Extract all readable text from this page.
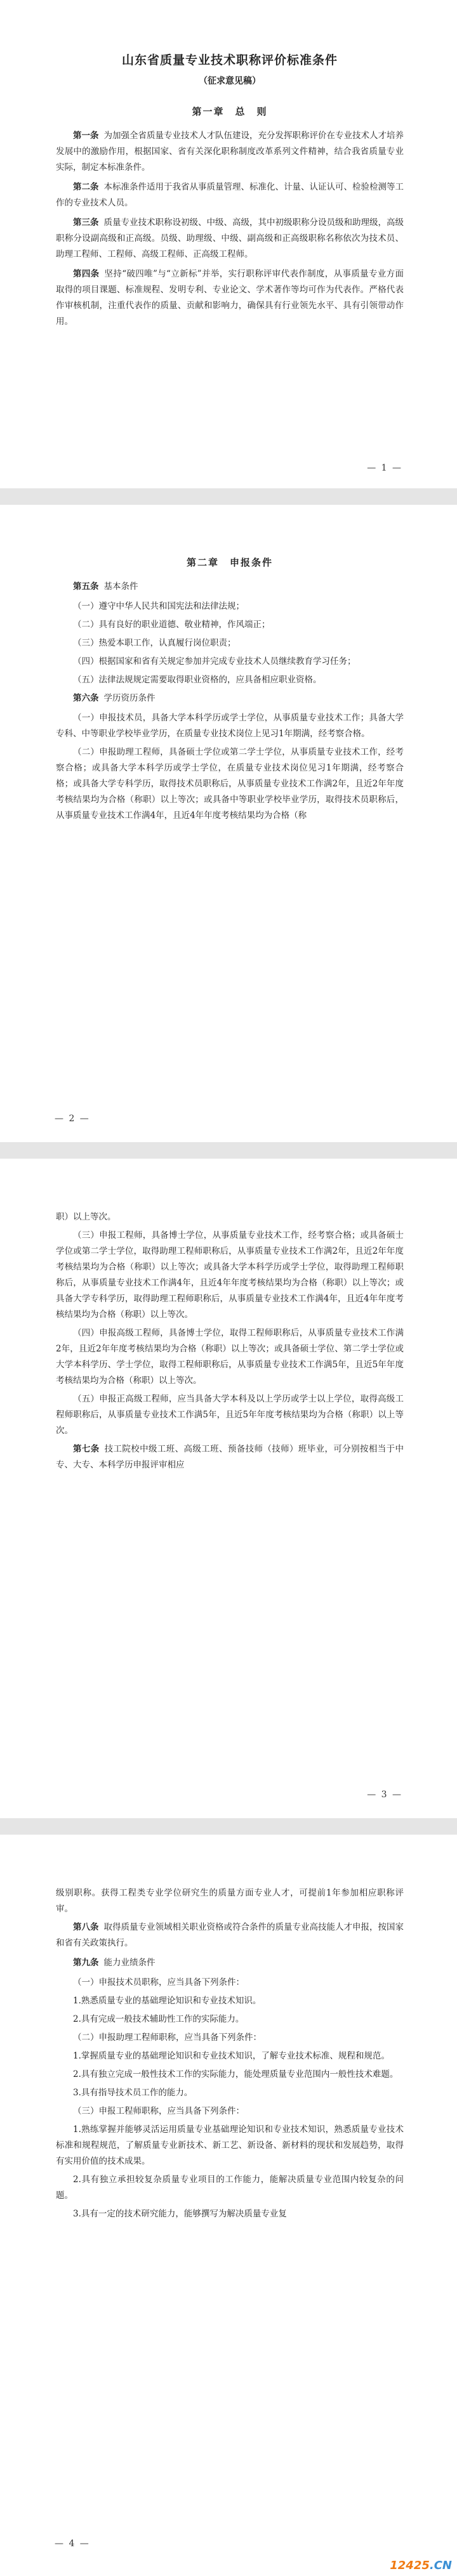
山东省质量专业技术职称评价标准条件
（征求意见稿）
第一章　总　则

第一条 为加强全省质量专业技术人才队伍建设，充分发挥职称评价在专业技术人才培养发展中的激励作用，根据国家、省有关深化职称制度改革系列文件精神，结合我省质量专业实际，制定本标准条件。

第二条 本标准条件适用于我省从事质量管理、标准化、计量、认证认可、检验检测等工作的专业技术人员。

第三条 质量专业技术职称设初级、中级、高级，其中初级职称分设员级和助理级，高级职称分设副高级和正高级。员级、助理级、中级、副高级和正高级职称名称依次为技术员、助理工程师、工程师、高级工程师、正高级工程师。

第四条 坚持“破四唯”与“立新标”并举，实行职称评审代表作制度，从事质量专业方面取得的项目课题、标准规程、发明专利、专业论文、学术著作等均可作为代表作。严格代表作审核机制，注重代表作的质量、贡献和影响力，确保具有行业领先水平、具有引领带动作用。

— 1 —
第二章　申报条件

第五条 基本条件

（一）遵守中华人民共和国宪法和法律法规；

（二）具有良好的职业道德、敬业精神，作风端正；

（三）热爱本职工作，认真履行岗位职责；

（四）根据国家和省有关规定参加并完成专业技术人员继续教育学习任务；

（五）法律法规规定需要取得职业资格的，应具备相应职业资格。

第六条 学历资历条件

（一）申报技术员，具备大学本科学历或学士学位，从事质量专业技术工作；具备大学专科、中等职业学校毕业学历，在质量专业技术岗位上见习1年期满，经考察合格。

（二）申报助理工程师，具备硕士学位或第二学士学位，从事质量专业技术工作，经考察合格；或具备大学本科学历或学士学位，在质量专业技术岗位见习1年期满，经考察合格；或具备大学专科学历，取得技术员职称后，从事质量专业技术工作满2年，且近2年年度考核结果均为合格（称职）以上等次；或具备中等职业学校毕业学历，取得技术员职称后，从事质量专业技术工作满4年，且近4年年度考核结果均为合格（称

— 2 —

职）以上等次。

（三）申报工程师，具备博士学位，从事质量专业技术工作，经考察合格；或具备硕士学位或第二学士学位，取得助理工程师职称后，从事质量专业技术工作满2年，且近2年年度考核结果均为合格（称职）以上等次；或具备大学本科学历或学士学位，取得助理工程师职称后，从事质量专业技术工作满4年，且近4年年度考核结果均为合格（称职）以上等次；或具备大学专科学历，取得助理工程师职称后，从事质量专业技术工作满4年，且近4年年度考核结果均为合格（称职）以上等次。

（四）申报高级工程师，具备博士学位，取得工程师职称后，从事质量专业技术工作满2年，且近2年年度考核结果均为合格（称职）以上等次；或具备硕士学位、第二学士学位或大学本科学历、学士学位，取得工程师职称后，从事质量专业技术工作满5年，且近5年年度考核结果均为合格（称职）以上等次。

（五）申报正高级工程师，应当具备大学本科及以上学历或学士以上学位，取得高级工程师职称后，从事质量专业技术工作满5年，且近5年年度考核结果均为合格（称职）以上等次。

第七条 技工院校中级工班、高级工班、预备技师（技师）班毕业，可分别按相当于中专、大专、本科学历申报评审相应

— 3 —

级别职称。获得工程类专业学位研究生的质量方面专业人才，可提前1年参加相应职称评审。

第八条 取得质量专业领域相关职业资格或符合条件的质量专业高技能人才申报，按国家和省有关政策执行。

第九条 能力业绩条件

（一）申报技术员职称，应当具备下列条件：

1.熟悉质量专业的基础理论知识和专业技术知识。

2.具有完成一般技术辅助性工作的实际能力。

（二）申报助理工程师职称，应当具备下列条件：

1.掌握质量专业的基础理论知识和专业技术知识，了解专业技术标准、规程和规范。

2.具有独立完成一般性技术工作的实际能力，能处理质量专业范围内一般性技术难题。

3.具有指导技术员工作的能力。

（三）申报工程师职称，应当具备下列条件：

1.熟练掌握并能够灵活运用质量专业基础理论知识和专业技术知识，熟悉质量专业技术标准和规程规范，了解质量专业新技术、新工艺、新设备、新材料的现状和发展趋势，取得有实用价值的技术成果。

2.具有独立承担较复杂质量专业项目的工作能力，能解决质量专业范围内较复杂的问题。

3.具有一定的技术研究能力，能够撰写为解决质量专业复

— 4 —
12425.CN
